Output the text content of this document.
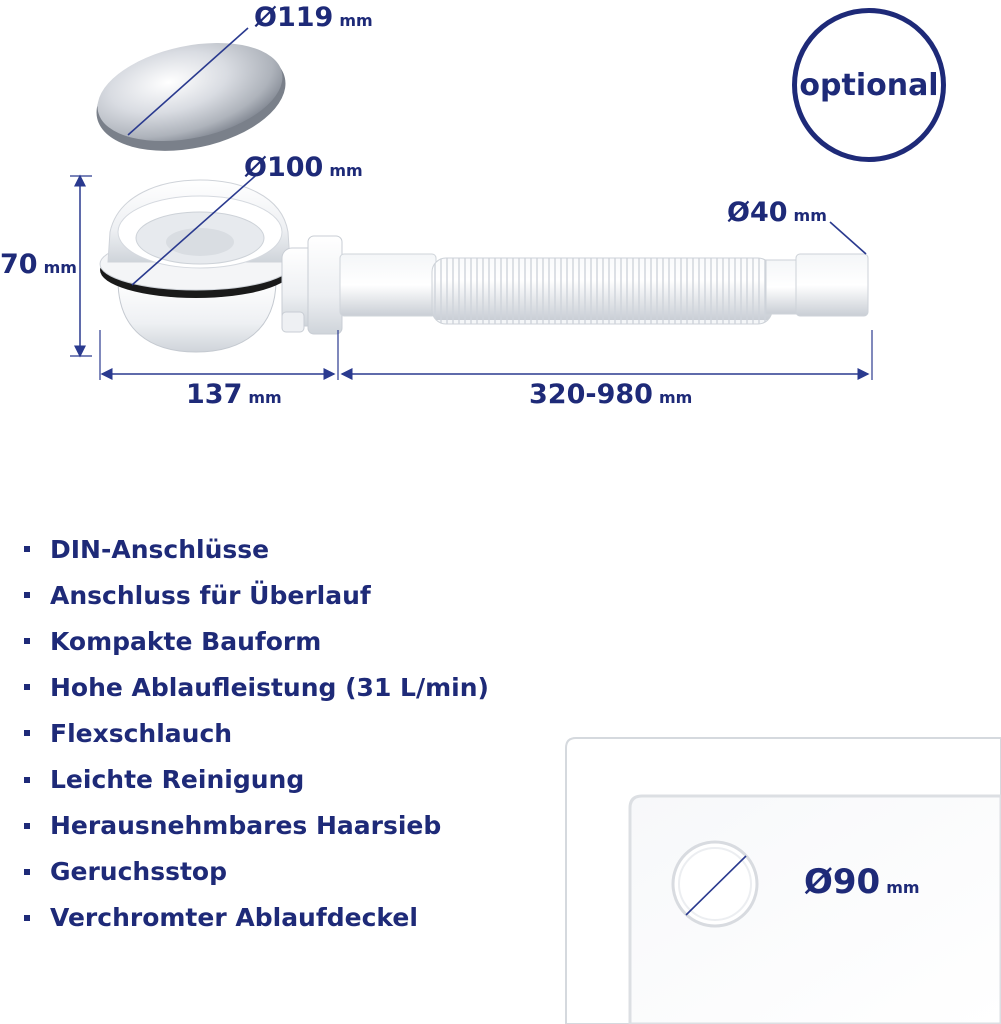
Ø119 mm
Ø100 mm
Ø40 mm
70 mm
137 mm	320-980 mm
Ø90 mm
optional
DIN-Anschlüsse
Anschluss für Überlauf
Kompakte Bauform
Hohe Ablaufleistung (31 L/min)
Flexschlauch
Leichte Reinigung
Herausnehmbares Haarsieb
Geruchsstop
Verchromter Ablaufdeckel
